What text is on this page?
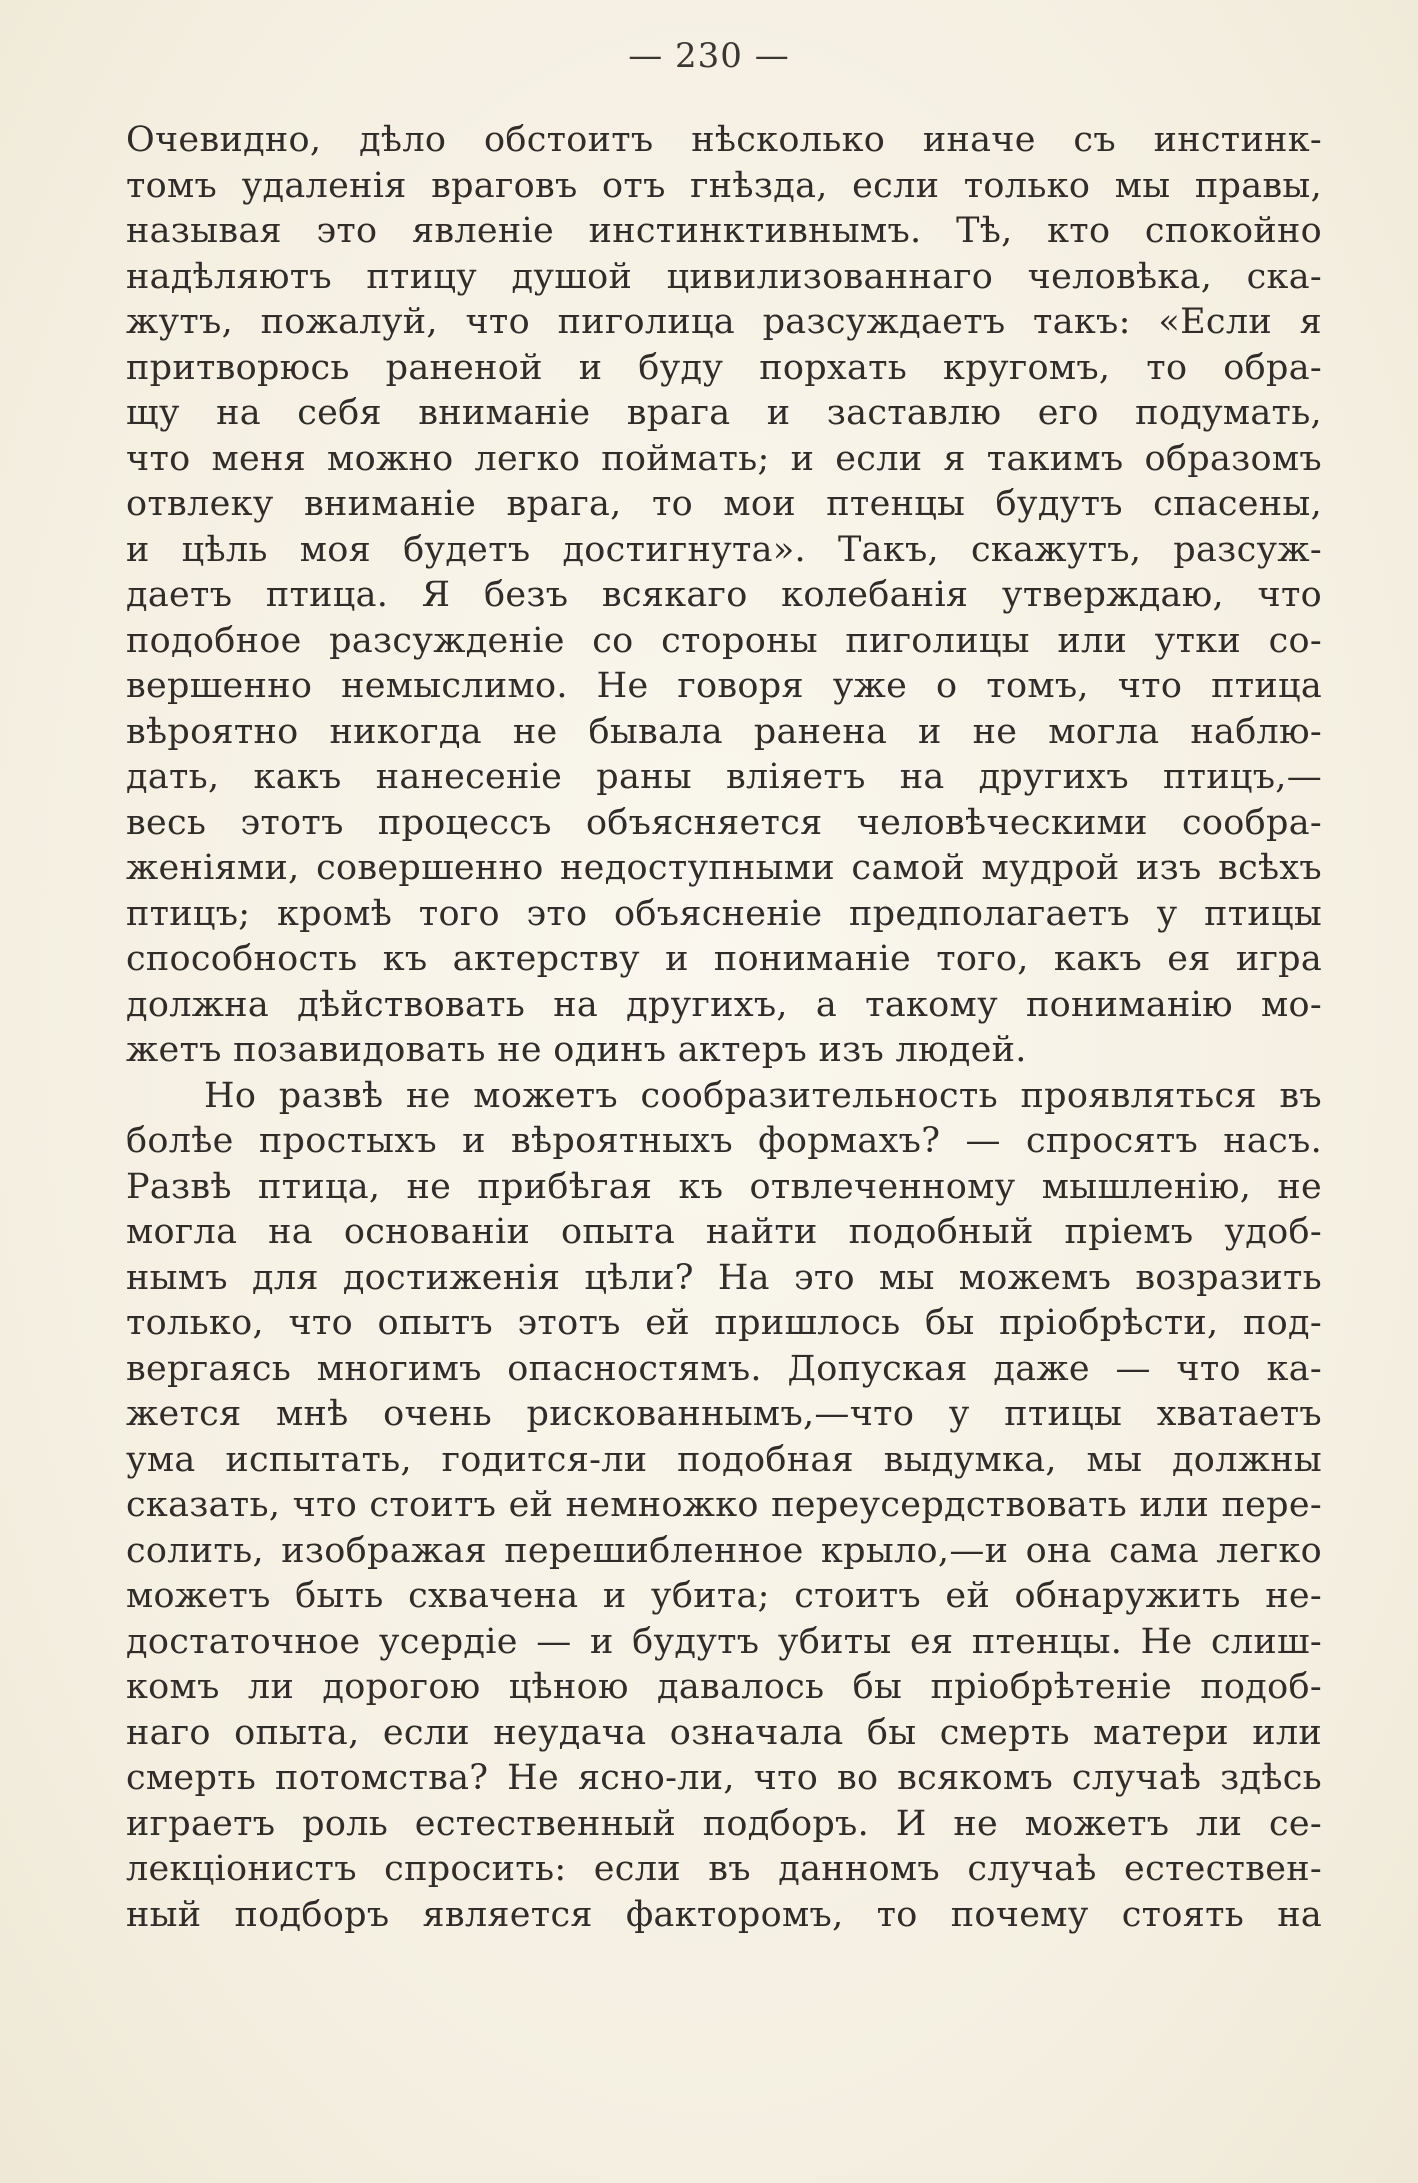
— 230 —
Очевидно, дѣло обстоитъ нѣсколько иначе съ инстинк-
томъ удаленія враговъ отъ гнѣзда, если только мы правы,
называя это явленіе инстинктивнымъ. Тѣ, кто спокойно
надѣляютъ птицу душой цивилизованнаго человѣка, ска-
жутъ, пожалуй, что пиголица разсуждаетъ такъ: «Если я
притворюсь раненой и буду порхать кругомъ, то обра-
щу на себя вниманіе врага и заставлю его подумать,
что меня можно легко поймать; и если я такимъ образомъ
отвлеку вниманіе врага, то мои птенцы будутъ спасены,
и цѣль моя будетъ достигнута». Такъ, скажутъ, разсуж-
даетъ птица. Я безъ всякаго колебанія утверждаю, что
подобное разсужденіе со стороны пиголицы или утки со-
вершенно немыслимо. Не говоря уже о томъ, что птица
вѣроятно никогда не бывала ранена и не могла наблю-
дать, какъ нанесеніе раны вліяетъ на другихъ птицъ,—
весь этотъ процессъ объясняется человѣческими сообра-
женіями, совершенно недоступными самой мудрой изъ всѣхъ
птицъ; кромѣ того это объясненіе предполагаетъ у птицы
способность къ актерству и пониманіе того, какъ ея игра
должна дѣйствовать на другихъ, а такому пониманію мо-
жетъ позавидовать не одинъ актеръ изъ людей.
Но развѣ не можетъ сообразительность проявляться въ
болѣе простыхъ и вѣроятныхъ формахъ? — спросятъ насъ.
Развѣ птица, не прибѣгая къ отвлеченному мышленію, не
могла на основаніи опыта найти подобный пріемъ удоб-
нымъ для достиженія цѣли? На это мы можемъ возразить
только, что опытъ этотъ ей пришлось бы пріобрѣсти, под-
вергаясь многимъ опасностямъ. Допуская даже — что ка-
жется мнѣ очень рискованнымъ,—что у птицы хватаетъ
ума испытать, годится-ли подобная выдумка, мы должны
сказать, что стоитъ ей немножко переусердствовать или пере-
солить, изображая перешибленное крыло,—и она сама легко
можетъ быть схвачена и убита; стоитъ ей обнаружить не-
достаточное усердіе — и будутъ убиты ея птенцы. Не слиш-
комъ ли дорогою цѣною давалось бы пріобрѣтеніе подоб-
наго опыта, если неудача означала бы смерть матери или
смерть потомства? Не ясно-ли, что во всякомъ случаѣ здѣсь
играетъ роль естественный подборъ. И не можетъ ли се-
лекціонистъ спросить: если въ данномъ случаѣ естествен-
ный подборъ является факторомъ, то почему стоять на
